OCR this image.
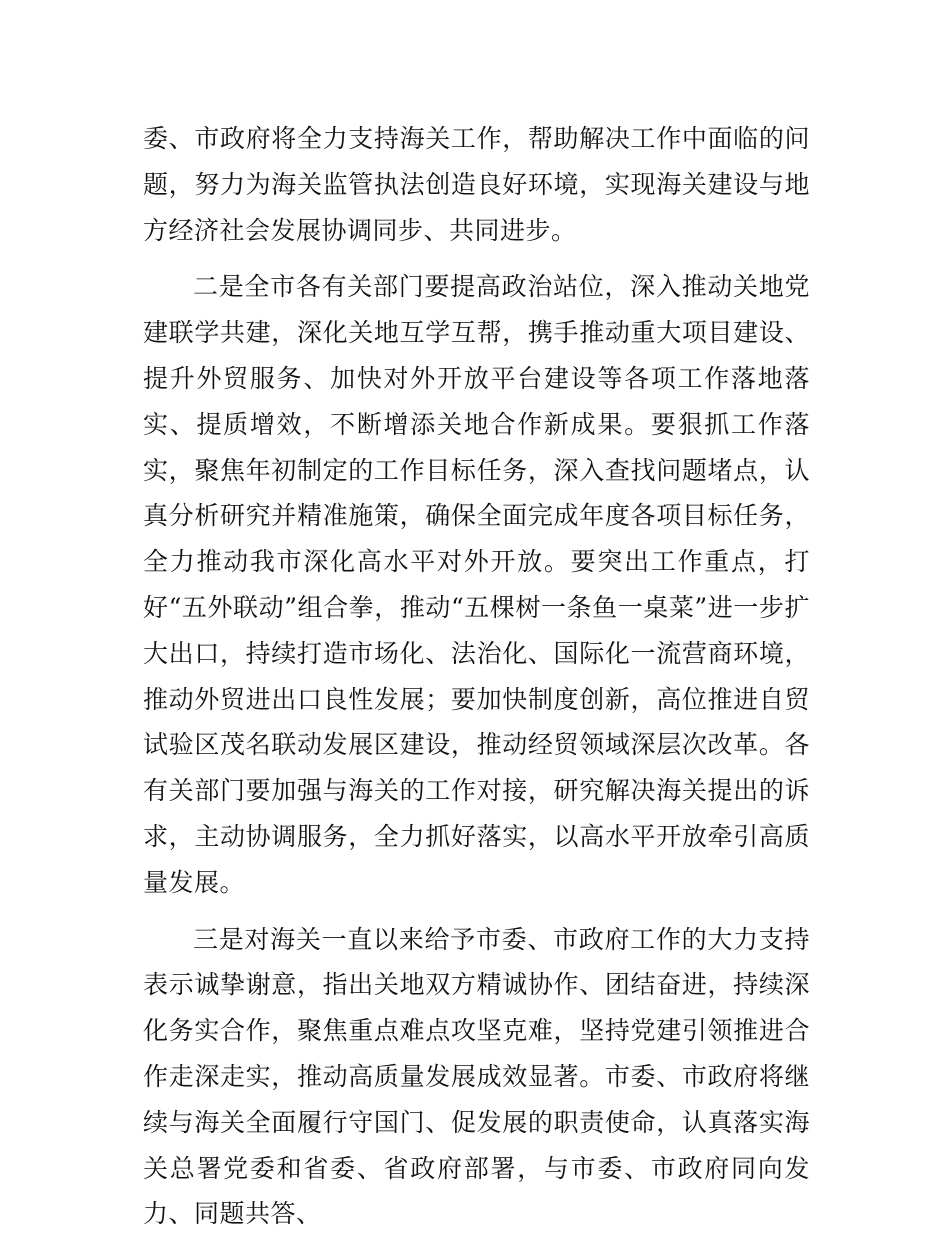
委、市政府将全力支持海关工作，帮助解决工作中面临的问题，努力为海关监管执法创造良好环境，实现海关建设与地方经济社会发展协调同步、共同进步。

二是全市各有关部门要提高政治站位，深入推动关地党建联学共建，深化关地互学互帮，携手推动重大项目建设、提升外贸服务、加快对外开放平台建设等各项工作落地落实、提质增效，不断增添关地合作新成果。要狠抓工作落实，聚焦年初制定的工作目标任务，深入查找问题堵点，认真分析研究并精准施策，确保全面完成年度各项目标任务，全力推动我市深化高水平对外开放。要突出工作重点，打好“五外联动”组合拳，推动“五棵树一条鱼一桌菜”进一步扩大出口，持续打造市场化、法治化、国际化一流营商环境，推动外贸进出口良性发展；要加快制度创新，高位推进自贸试验区茂名联动发展区建设，推动经贸领域深层次改革。各有关部门要加强与海关的工作对接，研究解决海关提出的诉求，主动协调服务，全力抓好落实，以高水平开放牵引高质量发展。

三是对海关一直以来给予市委、市政府工作的大力支持表示诚挚谢意，指出关地双方精诚协作、团结奋进，持续深化务实合作，聚焦重点难点攻坚克难，坚持党建引领推进合作走深走实，推动高质量发展成效显著。市委、市政府将继续与海关全面履行守国门、促发展的职责使命，认真落实海关总署党委和省委、省政府部署，与市委、市政府同向发力、同题共答、
